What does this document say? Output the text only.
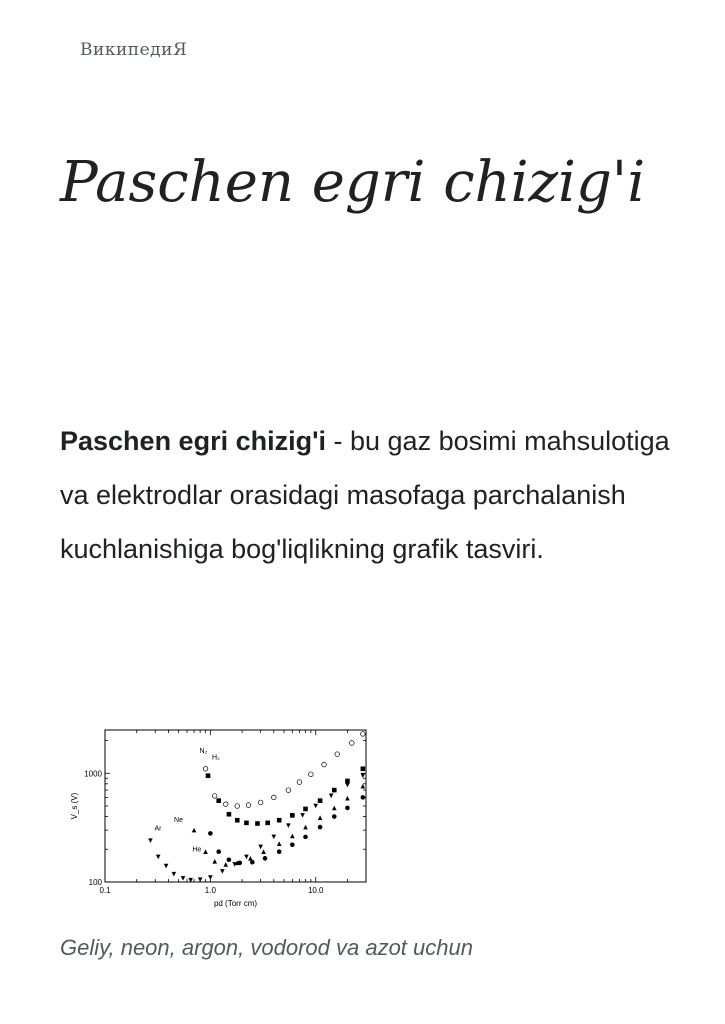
ВикипедиЯ
Paschen egri chizig'i

Paschen egri chizig'i - bu gaz bosimi mahsulotiga va elektrodlar orasidagi masofaga parchalanish kuchlanishiga bog'liqlikning grafik tasviri.

0.1	1.0	10.0
100
1000
pd (Torr cm)
V_s (V)
H₂
N₂
Ne
He
Ar
Geliy, neon, argon, vodorod va azot uchun
